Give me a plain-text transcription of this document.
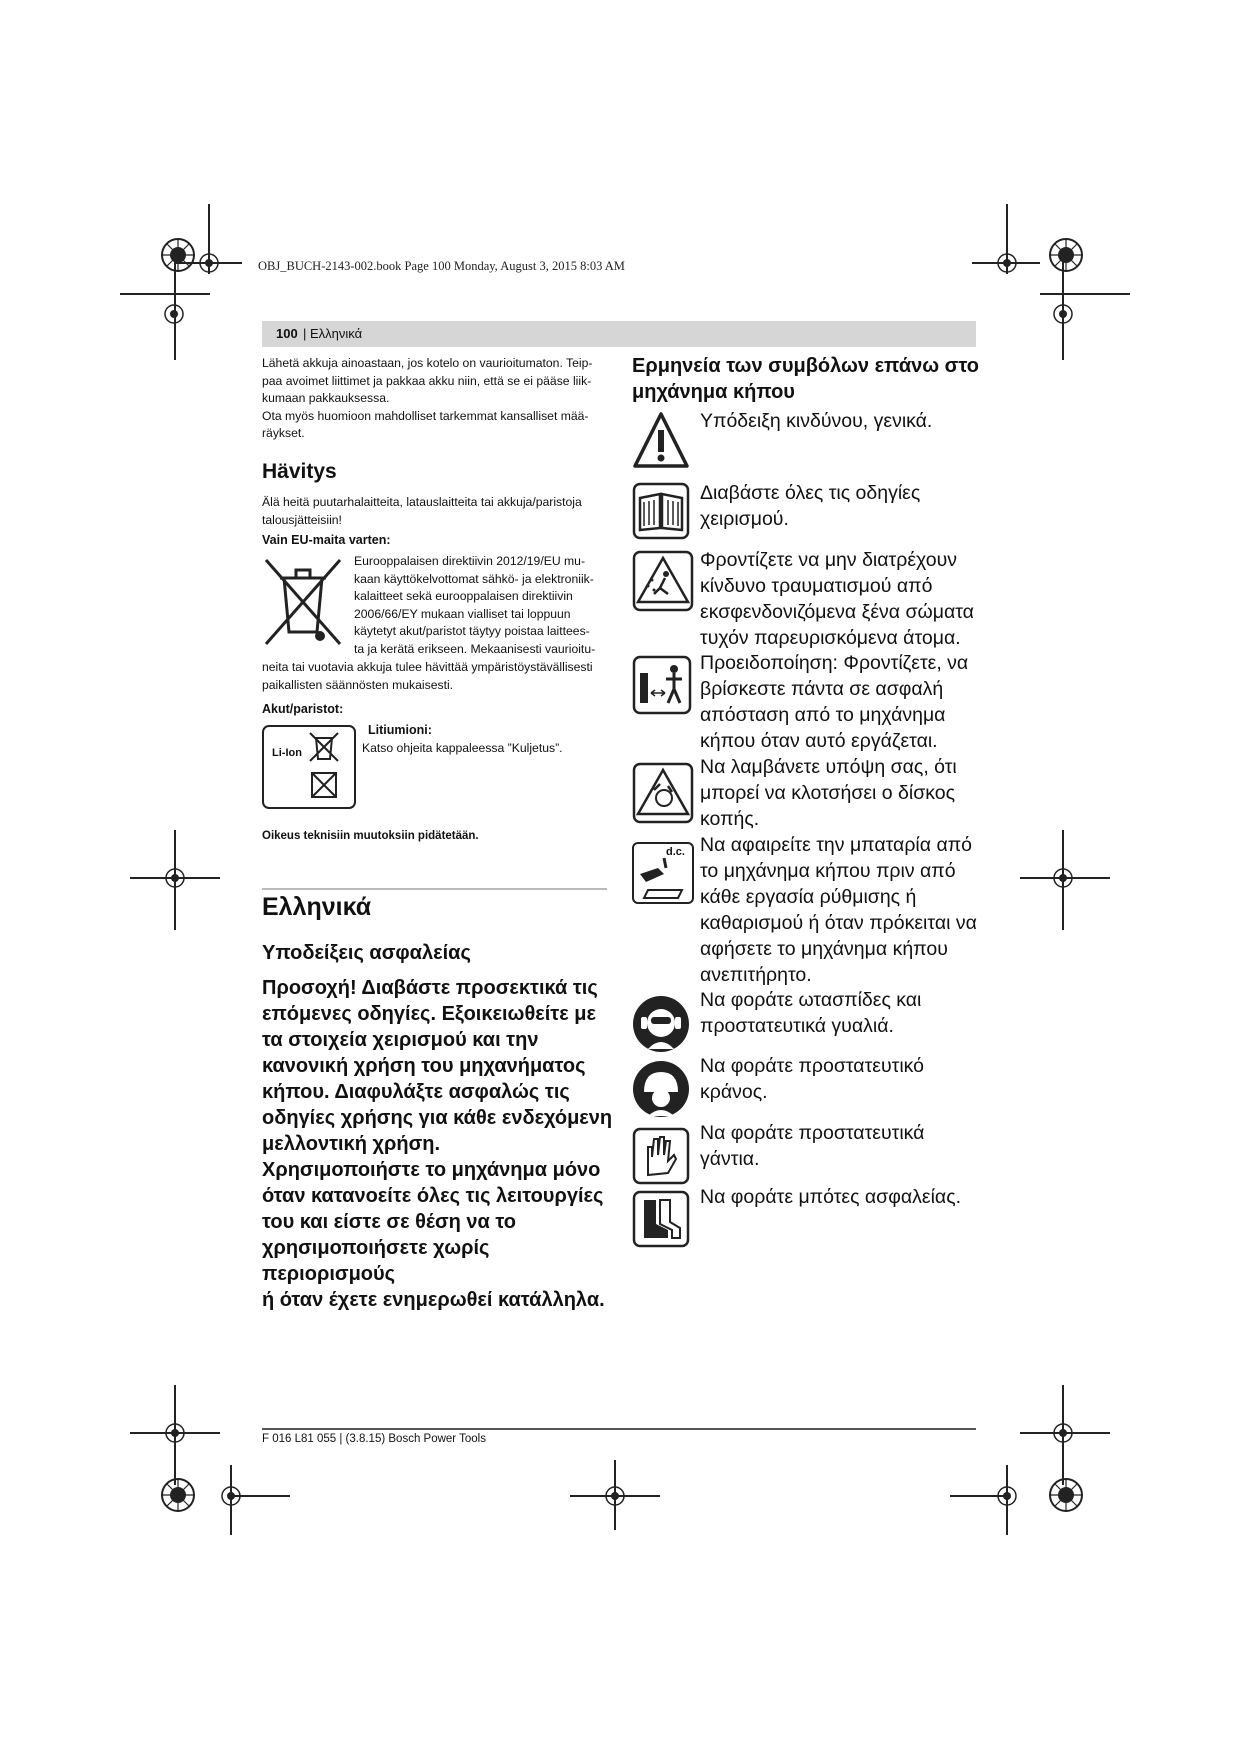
OBJ_BUCH-2143-002.book Page 100 Monday, August 3, 2015 8:03 AM
100 | Ελληνικά
Lähetä akkuja ainoastaan, jos kotelo on vaurioitumaton. Teip-
paa avoimet liittimet ja pakkaa akku niin, että se ei pääse liik-
kumaan pakkauksessa.
Ota myös huomioon mahdolliset tarkemmat kansalliset mää-
räykset.
Hävitys
Älä heitä puutarhalaitteita, latauslaitteita tai akkuja/paristoja
talousjätteisiin!
Vain EU-maita varten:
Eurooppalaisen direktiivin 2012/19/EU mu-
kaan käyttökelvottomat sähkö- ja elektroniik-
kalaitteet sekä eurooppalaisen direktiivin
2006/66/EY mukaan vialliset tai loppuun
käytetyt akut/paristot täytyy poistaa laittees-
ta ja kerätä erikseen. Mekaanisesti vaurioitu-
neita tai vuotavia akkuja tulee hävittää ympäristöystävällisesti
paikallisten säännösten mukaisesti.
Akut/paristot:
Li-Ion
Litiumioni:
Katso ohjeita kappaleessa ”Kuljetus”.
Oikeus teknisiin muutoksiin pidätetään.
Ελληνικά
Υποδείξεις ασφαλείας
Προσοχή! Διαβάστε προσεκτικά τις
επόμενες οδηγίες. Εξοικειωθείτε με
τα στοιχεία χειρισμού και την
κανονική χρήση του μηχανήματος
κήπου. Διαφυλάξτε ασφαλώς τις
οδηγίες χρήσης για κάθε ενδεχόμενη
μελλοντική χρήση.
Χρησιμοποιήστε το μηχάνημα μόνο
όταν κατανοείτε όλες τις λειτουργίες
του και είστε σε θέση να το
χρησιμοποιήσετε χωρίς περιορισμούς
ή όταν έχετε ενημερωθεί κατάλληλα.
Ερμηνεία των συμβόλων επάνω στο
μηχάνημα κήπου
Υπόδειξη κινδύνου, γενικά.
Διαβάστε όλες τις οδηγίες
χειρισμού.
Φροντίζετε να μην διατρέχουν
κίνδυνο τραυματισμού από
εκσφενδονιζόμενα ξένα σώματα
τυχόν παρευρισκόμενα άτομα.
Προειδοποίηση: Φροντίζετε, να
βρίσκεστε πάντα σε ασφαλή
απόσταση από το μηχάνημα
κήπου όταν αυτό εργάζεται.
Να λαμβάνετε υπόψη σας, ότι
μπορεί να κλοτσήσει ο δίσκος
κοπής.
d.c. Να αφαιρείτε την μπαταρία από
το μηχάνημα κήπου πριν από
κάθε εργασία ρύθμισης ή
καθαρισμού ή όταν πρόκειται να
αφήσετε το μηχάνημα κήπου
ανεπιτήρητο.
Να φοράτε ωτασπίδες και
προστατευτικά γυαλιά.
Να φοράτε προστατευτικό
κράνος.
Να φοράτε προστατευτικά
γάντια.
Να φοράτε μπότες ασφαλείας.
F 016 L81 055 | (3.8.15) Bosch Power Tools
